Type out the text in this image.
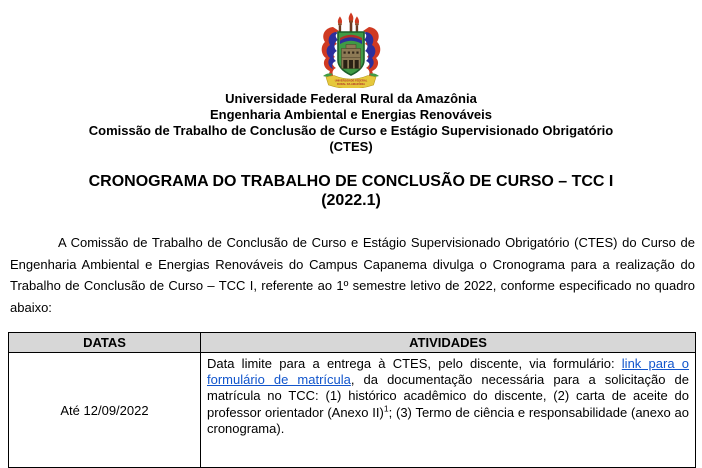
UNIVERSIDADE FEDERAL
RURAL DA AMAZÔNIA
Universidade Federal Rural da Amazônia
Engenharia Ambiental e Energias Renováveis
Comissão de Trabalho de Conclusão de Curso e Estágio Supervisionado Obrigatório
(CTES)
CRONOGRAMA DO TRABALHO DE CONCLUSÃO DE CURSO – TCC I
(2022.1)

A Comissão de Trabalho de Conclusão de Curso e Estágio Supervisionado Obrigatório (CTES) do Curso de Engenharia Ambiental e Energias Renováveis do Campus Capanema divulga o Cronograma para a realização do Trabalho de Conclusão de Curso – TCC I, referente ao 1º semestre letivo de 2022, conforme especificado no quadro abaixo:

DATAS	ATIVIDADES
Até 12/09/2022	Data limite para a entrega à CTES, pelo discente, via formulário: link para o formulário de matrícula, da documentação necessária para a solicitação de matrícula no TCC: (1) histórico acadêmico do discente, (2) carta de aceite do professor orientador (Anexo II)$^1$; (3) Termo de ciência e responsabilidade (anexo ao cronograma).
